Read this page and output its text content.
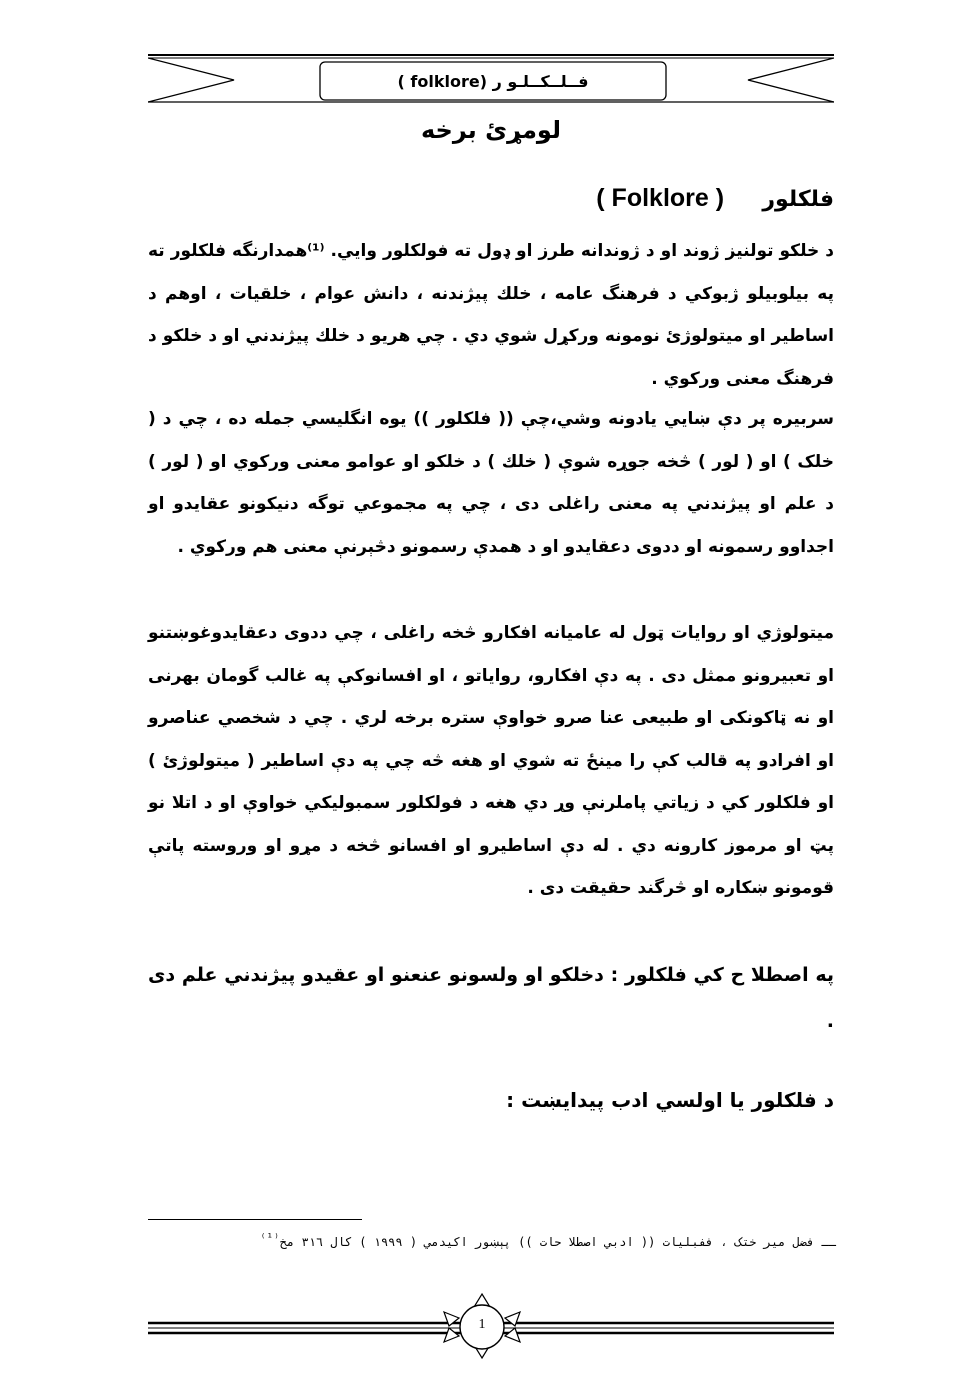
فــلــكــلـو ر (folklore )
لومړئ برخه
فلكلور     ( Folklore )

د خلكو تولنيز ژوند او د ژوندانه طرز او ډول ته فولكلور وايي. ⁽¹⁾همدارنگه فلكلور ته په بيلوبيلو ژبوكي د فرهنگ عامه ، خلك پيژندنه ، دانش عوام ، خلقيات ، اوهم د اساطير او ميتولوژئ نومونه وركړل شوي دي . چي هريو د خلك پيژندني او د خلكو د فرهنگ معنى وركوي .

سربيره پر دې ښايي يادونه وشي،چې (( فلكلور )) يوه انگليسي جمله ده ، چي د ( خلک ) او ( لور ) څخه جوړه شوې ( خلك ) د خلكو او عوامو معنى وركوي او ( لور ) د علم او پيژندني په معنى راغلى دى ، چي په مجموعي توگه دنيكونو عقايدو او اجداوو رسمونه او ددوى دعقايدو او د همدې رسمونو دڅېرنې معنى هم وركوي .

ميتولوژي او روايات ټول له عاميانه افكارو څخه راغلى ، چي ددوى دعقايدوغوښتنو او تعبيرونو ممثل دى . په دې افكارو، رواياتو ، او افسانوکې په غالب گومان بهرنی او نه ټاکونکی او طبيعی عنا صرو خواوې ستره برخه لري . چي د شخصي عناصرو او افرادو په قالب كې را مينځ ته شوي او هغه څه چي په دې اساطير ( ميتولوژئ ) او فلكلور كي د زياتي پاملرنې وړ دي هغه د فولكلور سمبوليكي خواوې او د اتلا نو پټ او مرموز كارونه دي . له دې اساطيرو او افسانو څخه د مړو او وروسته پاتې قومونو ښكاره او څرگند حقيقت دى .

په اصطلا ح كي فلكلور : دخلكو او ولسونو عنعنو او عقيدو پيژندني علم دى .

د فلكلور يا اولسي ادب پيدايښت :
ــ فضل مير ختک ، ففبليات (( ادبي اصطلا حات )) پېښور اكيدمي ( ١٩٩٩ ) كال ٣١٦ مخ⁽¹⁾
1
